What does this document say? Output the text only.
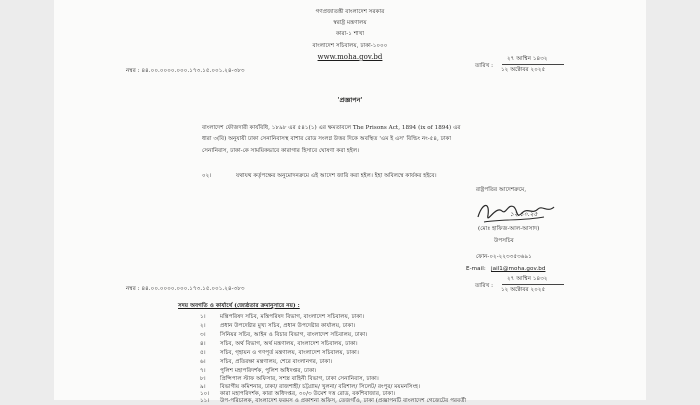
গণপ্রজাতন্ত্রী বাংলাদেশ সরকার
স্বরাষ্ট্র মন্ত্রণালয়
কারা-১ শাখা
বাংলাদেশ সচিবালয়, ঢাকা-১০০০
www.moha.gov.bd
নম্বর : ৪৪.০০.০০০০.০০০.১৭৩.১৫.০০১.২৪-৩৮৩
তারিখ :
২৭ আশ্বিন ১৪৩২
১২ অক্টোবর ২০২৫
'প্রজ্ঞাপন'
বাংলাদেশ ফৌজদারী কার্যবিধি, ১৮৯৮ এর ৫৪১(১) এর ক্ষমতাবলে The Prisons Act, 1894 (ix of 1894) এর
ধারা ৩(বি) অনুযায়ী ঢাকা সেনানিবাসস্থ বাশার রোড সংলগ্ন উত্তর দিকে অবস্থিত 'এম ই এস' বিল্ডিং নং-৫৪, ঢাকা
সেনানিবাস, ঢাকা-কে সাময়িকভাবে কারাগার হিসাবে ঘোষণা করা হইল।
০২।	যথাযথ কর্তৃপক্ষের অনুমোদনক্রমে এই আদেশ জারি করা হইল। ইহা অবিলম্বে কার্যকর হইবে।
রাষ্ট্রপতির আদেশক্রমে,
১২.১০.২৫
(মোঃ হাফিজ-আল-আসাদ)
উপসচিব
ফোন-০২-২২৩৩৫৩৬৯১
E-mail: jail1@moha.gov.bd
নম্বর : ৪৪.০০.০০০০.০০০.১৭৩.১৫.০০১.২৪-৩৮৩	তারিখ :
২৭ আশ্বিন ১৪৩২
১২ অক্টোবর ২০২৫
সদয় অবগতি ও কার্যার্থে (জ্যেষ্ঠতার ক্রমানুসারে নয়) :
১।	মন্ত্রিপরিষদ সচিব, মন্ত্রিপরিষদ বিভাগ, বাংলাদেশ সচিবালয়, ঢাকা।
২।	প্রধান উপদেষ্টার মুখ্য সচিব, প্রধান উপদেষ্টার কার্যালয়, ঢাকা।
৩।	সিনিয়র সচিব, আইন ও বিচার বিভাগ, বাংলাদেশ সচিবালয়, ঢাকা।
৪।	সচিব, অর্থ বিভাগ, অর্থ মন্ত্রণালয়, বাংলাদেশ সচিবালয়, ঢাকা।
৫।	সচিব, গৃহায়ন ও গণপূর্ত মন্ত্রণালয়, বাংলাদেশ সচিবালয়, ঢাকা।
৬।	সচিব, প্রতিরক্ষা মন্ত্রণালয়, শেরে বাংলানগর, ঢাকা।
৭।	পুলিশ মহাপরিদর্শক, পুলিশ অধিদপ্তর, ঢাকা।
৮।	প্রিন্সিপাল স্টাফ অফিসার, সশস্ত্র বাহিনী বিভাগ, ঢাকা সেনানিবাস, ঢাকা।
৯।	বিভাগীয় কমিশনার, ঢাকা/ রাজশাহী/ চট্টগ্রাম/ খুলনা/ বরিশাল/ সিলেট/ রংপুর/ ময়মনসিংহ।
১০। কারা মহাপরিদর্শক, কারা অধিদপ্তর, ৩০/৩ উমেশ দত্ত রোড, বকশিবাজার, ঢাকা।
১১। উপ-পরিচালক, বাংলাদেশ ফরমস ও প্রকাশনা অফিস, তেজগাঁও, ঢাকা (প্রজ্ঞাপনটি বাংলাদেশ গেজেটের পরবর্তী
